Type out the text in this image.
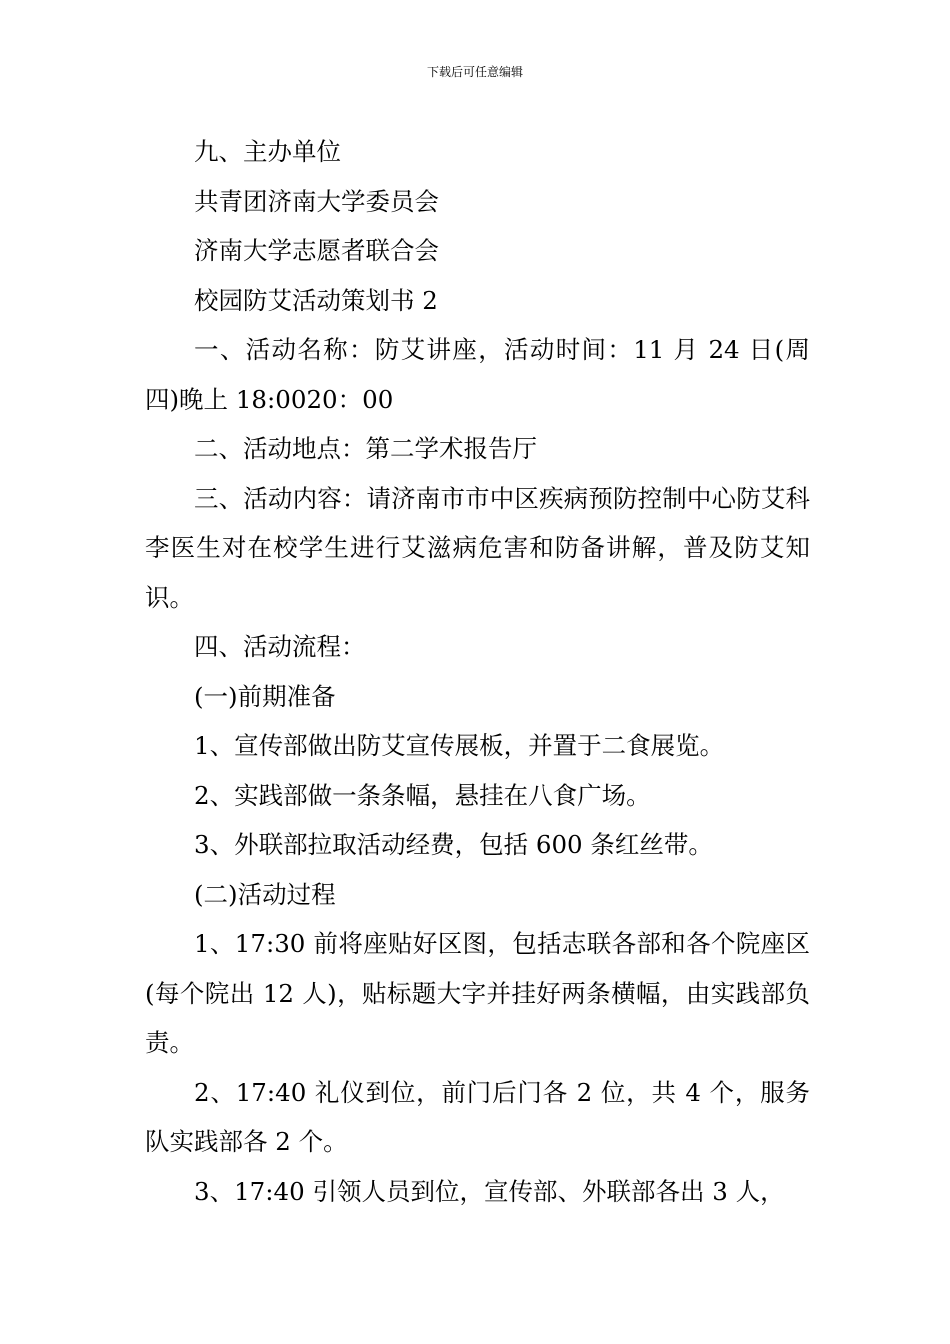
下载后可任意编辑

九、主办单位

共青团济南大学委员会

济南大学志愿者联合会

校园防艾活动策划书 2

一、活动名称：防艾讲座，活动时间：11 月 24 日(周四)晚上 18:0020：00

二、活动地点：第二学术报告厅

三、活动内容：请济南市市中区疾病预防控制中心防艾科李医生对在校学生进行艾滋病危害和防备讲解，普及防艾知识。

四、活动流程：

(一)前期准备

1、宣传部做出防艾宣传展板，并置于二食展览。

2、实践部做一条条幅，悬挂在八食广场。

3、外联部拉取活动经费，包括 600 条红丝带。

(二)活动过程

1、17:30 前将座贴好区图，包括志联各部和各个院座区(每个院出 12 人)，贴标题大字并挂好两条横幅，由实践部负责。

2、17:40 礼仪到位，前门后门各 2 位，共 4 个，服务队实践部各 2 个。

3、17:40 引领人员到位，宣传部、外联部各出 3 人，
